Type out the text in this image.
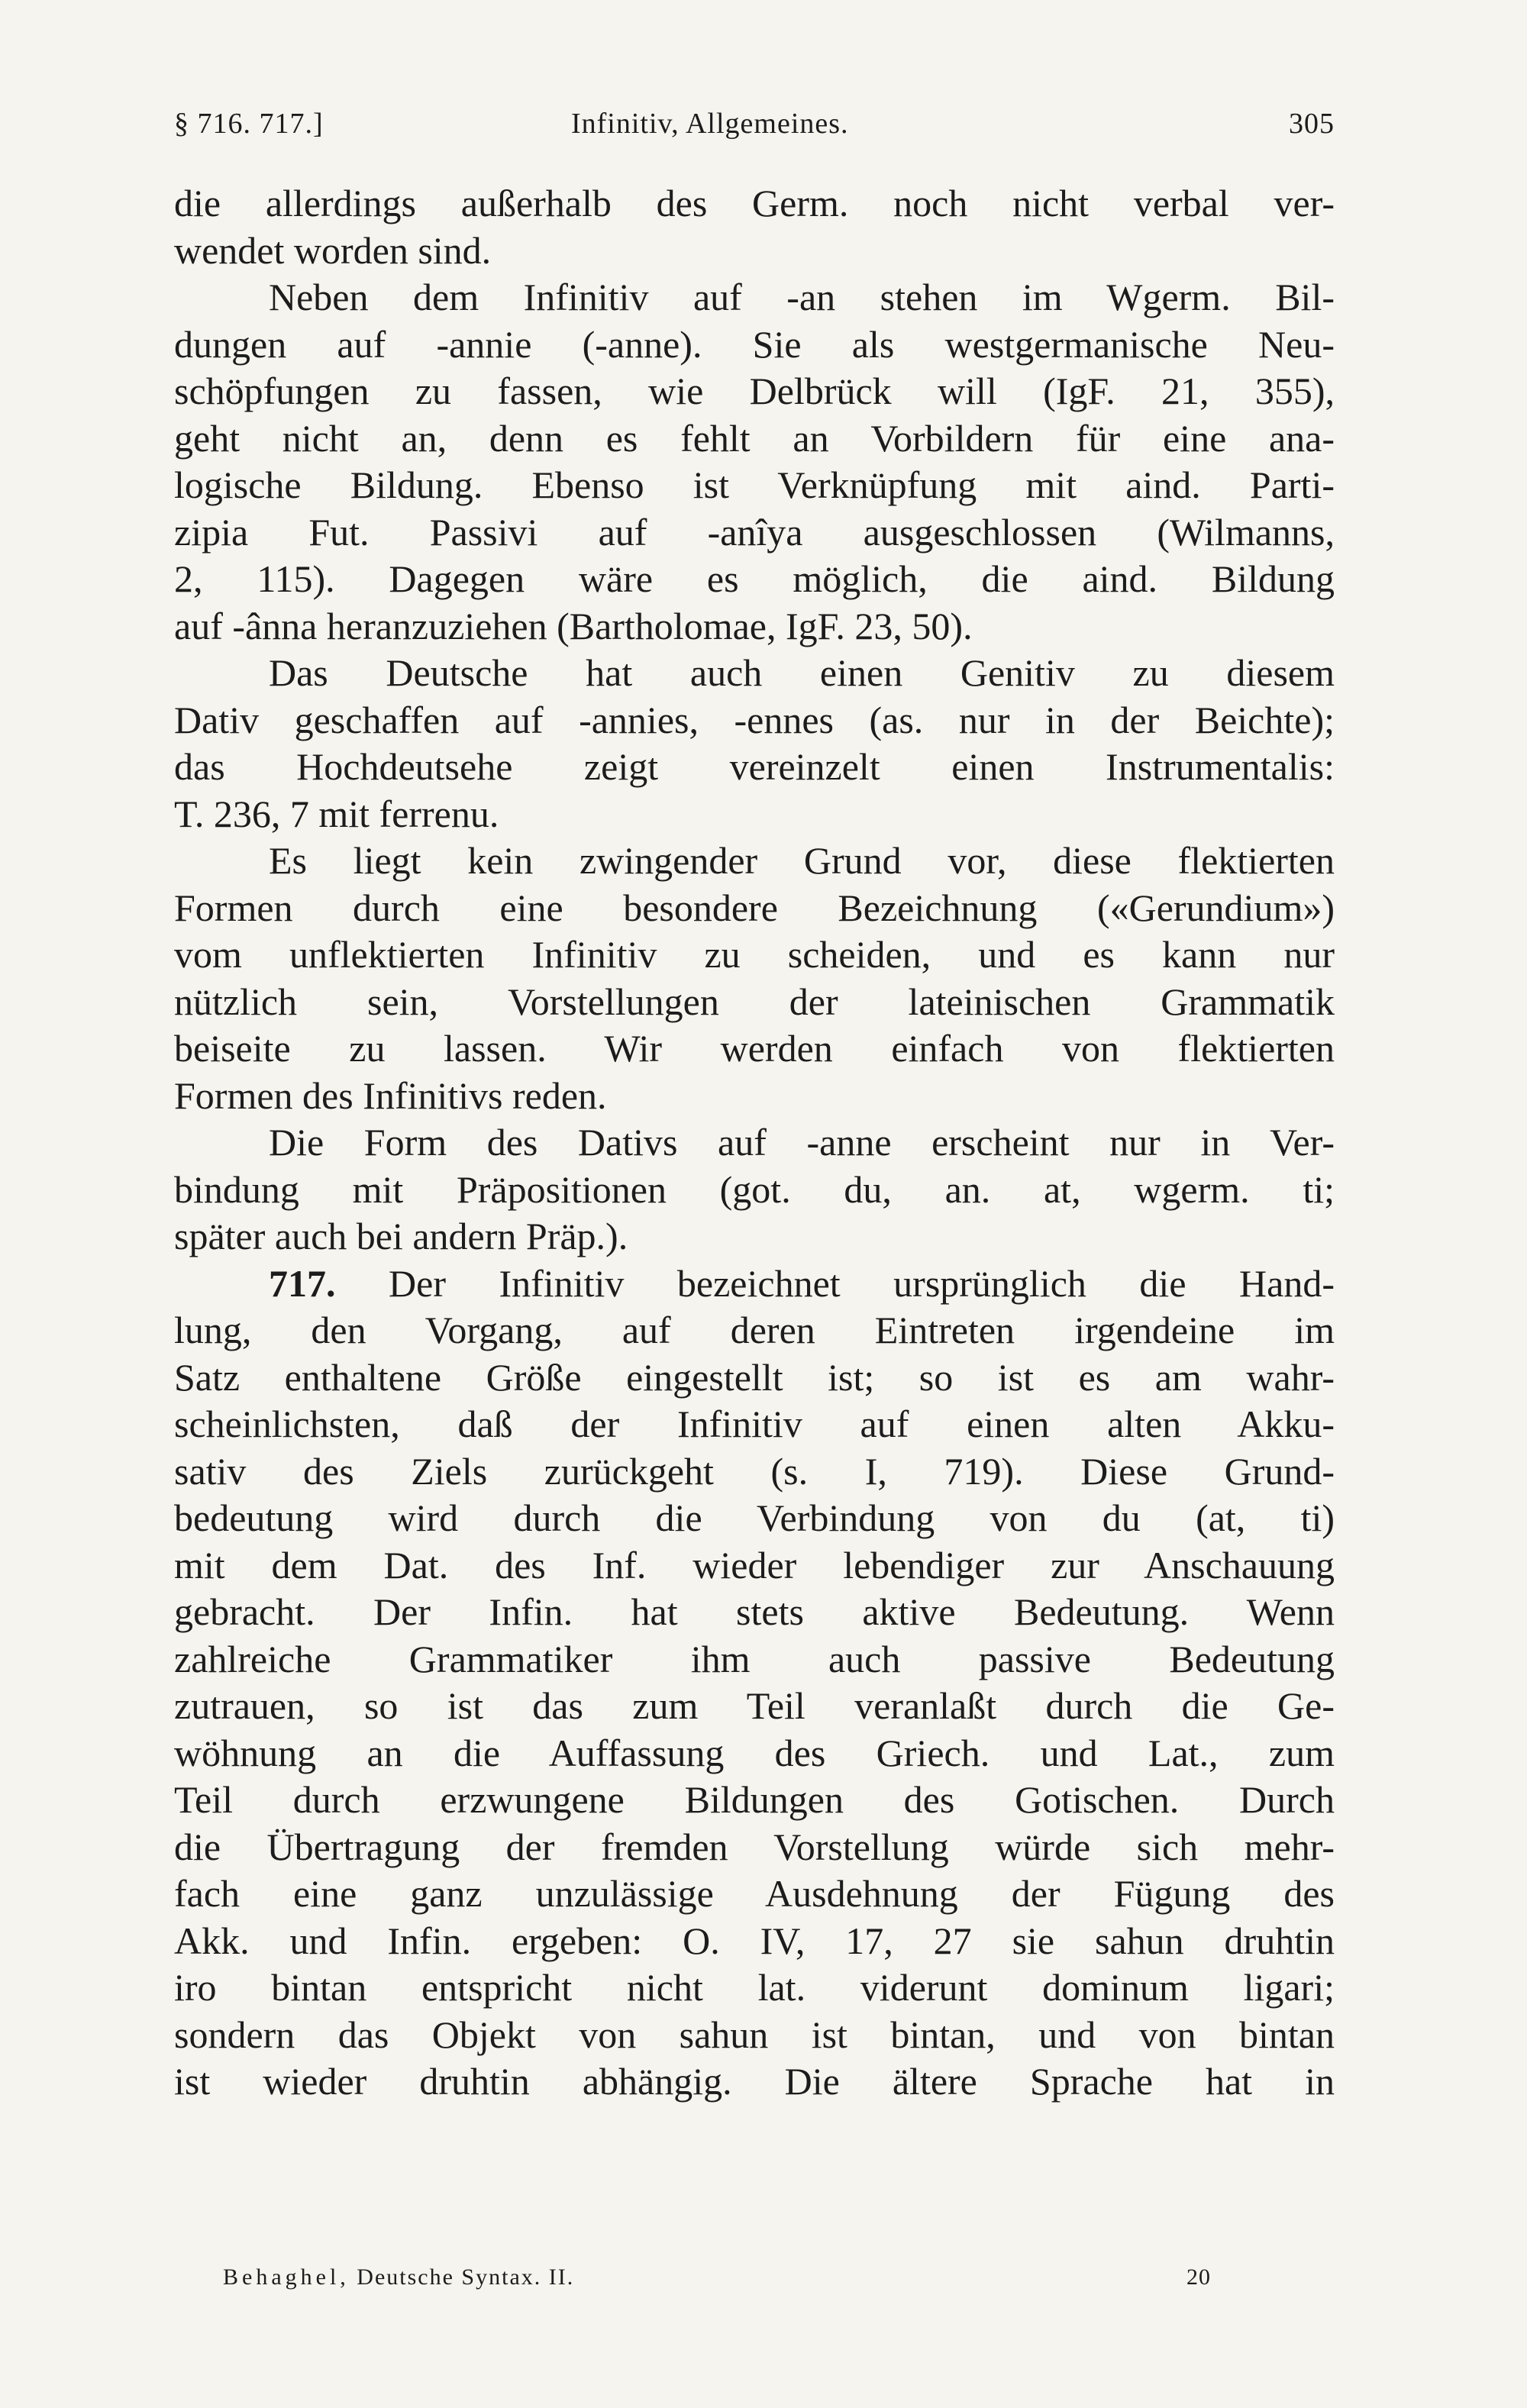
§ 716. 717.]	Infinitiv, Allgemeines.	305
die allerdings außerhalb des Germ. noch nicht verbal ver-
wendet worden sind.
Neben dem Infinitiv auf -an stehen im Wgerm. Bil-
dungen auf -annie (-anne). Sie als westgermanische Neu-
schöpfungen zu fassen, wie Delbrück will (IgF. 21, 355),
geht nicht an, denn es fehlt an Vorbildern für eine ana-
logische Bildung. Ebenso ist Verknüpfung mit aind. Parti-
zipia Fut. Passivi auf -anîya ausgeschlossen (Wilmanns,
2, 115). Dagegen wäre es möglich, die aind. Bildung
auf -ânna heranzuziehen (Bartholomae, IgF. 23, 50).
Das Deutsche hat auch einen Genitiv zu diesem
Dativ geschaffen auf -annies, -ennes (as. nur in der Beichte);
das Hochdeutsehe zeigt vereinzelt einen Instrumentalis:
T. 236, 7 mit ferrenu.
Es liegt kein zwingender Grund vor, diese flektierten
Formen durch eine besondere Bezeichnung («Gerundium»)
vom unflektierten Infinitiv zu scheiden, und es kann nur
nützlich sein, Vorstellungen der lateinischen Grammatik
beiseite zu lassen. Wir werden einfach von flektierten
Formen des Infinitivs reden.
Die Form des Dativs auf -anne erscheint nur in Ver-
bindung mit Präpositionen (got. du, an. at, wgerm. ti;
später auch bei andern Präp.).
717. Der Infinitiv bezeichnet ursprünglich die Hand-
lung, den Vorgang, auf deren Eintreten irgendeine im
Satz enthaltene Größe eingestellt ist; so ist es am wahr-
scheinlichsten, daß der Infinitiv auf einen alten Akku-
sativ des Ziels zurückgeht (s. I, 719). Diese Grund-
bedeutung wird durch die Verbindung von du (at, ti)
mit dem Dat. des Inf. wieder lebendiger zur Anschauung
gebracht. Der Infin. hat stets aktive Bedeutung. Wenn
zahlreiche Grammatiker ihm auch passive Bedeutung
zutrauen, so ist das zum Teil veranlaßt durch die Ge-
wöhnung an die Auffassung des Griech. und Lat., zum
Teil durch erzwungene Bildungen des Gotischen. Durch
die Übertragung der fremden Vorstellung würde sich mehr-
fach eine ganz unzulässige Ausdehnung der Fügung des
Akk. und Infin. ergeben: O. IV, 17, 27 sie sahun druhtin
iro bintan entspricht nicht lat. viderunt dominum ligari;
sondern das Objekt von sahun ist bintan, und von bintan
ist wieder druhtin abhängig. Die ältere Sprache hat in
Behaghel, Deutsche Syntax. II.	20
